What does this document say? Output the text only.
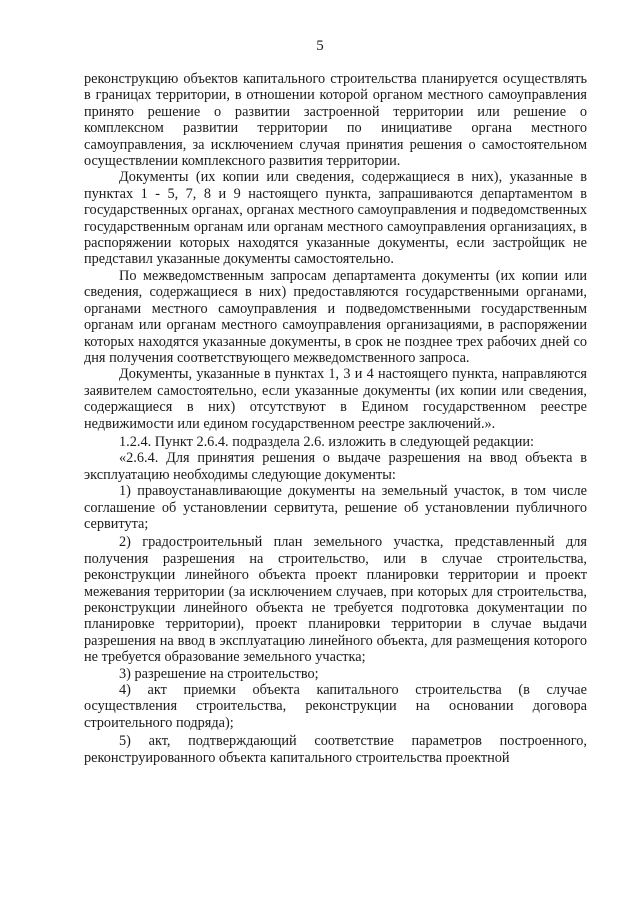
5

реконструкцию объектов капитального строительства планируется осуществлять в границах территории, в отношении которой органом местного самоуправления принято решение о развитии застроенной территории или решение о комплексном развитии территории по инициативе органа местного самоуправления, за исключением случая принятия решения о самостоятельном осуществлении комплексного развития территории.

Документы (их копии или сведения, содержащиеся в них), указанные в пунктах 1 - 5, 7, 8 и 9 настоящего пункта, запрашиваются департаментом в государственных органах, органах местного самоуправления и подведомственных государственным органам или органам местного самоуправления организациях, в распоряжении которых находятся указанные документы, если застройщик не представил указанные документы самостоятельно.

По межведомственным запросам департамента документы (их копии или сведения, содержащиеся в них) предоставляются государственными органами, органами местного самоуправления и подведомственными государственным органам или органам местного самоуправления организациями, в распоряжении которых находятся указанные документы, в срок не позднее трех рабочих дней со дня получения соответствующего межведомственного запроса.

Документы, указанные в пунктах 1, 3 и 4 настоящего пункта, направляются заявителем самостоятельно, если указанные документы (их копии или сведения, содержащиеся в них) отсутствуют в Едином государственном реестре недвижимости или едином государственном реестре заключений.».

1.2.4. Пункт 2.6.4. подраздела 2.6. изложить в следующей редакции:

«2.6.4. Для принятия решения о выдаче разрешения на ввод объекта в эксплуатацию необходимы следующие документы:

1) правоустанавливающие документы на земельный участок, в том числе соглашение об установлении сервитута, решение об установлении публичного сервитута;

2) градостроительный план земельного участка, представленный для получения разрешения на строительство, или в случае строительства, реконструкции линейного объекта проект планировки территории и проект межевания территории (за исключением случаев, при которых для строительства, реконструкции линейного объекта не требуется подготовка документации по планировке территории), проект планировки территории в случае выдачи разрешения на ввод в эксплуатацию линейного объекта, для размещения которого не требуется образование земельного участка;

3) разрешение на строительство;

4) акт приемки объекта капитального строительства (в случае осуществления строительства, реконструкции на основании договора строительного подряда);

5) акт, подтверждающий соответствие параметров построенного, реконструированного объекта капитального строительства проектной
